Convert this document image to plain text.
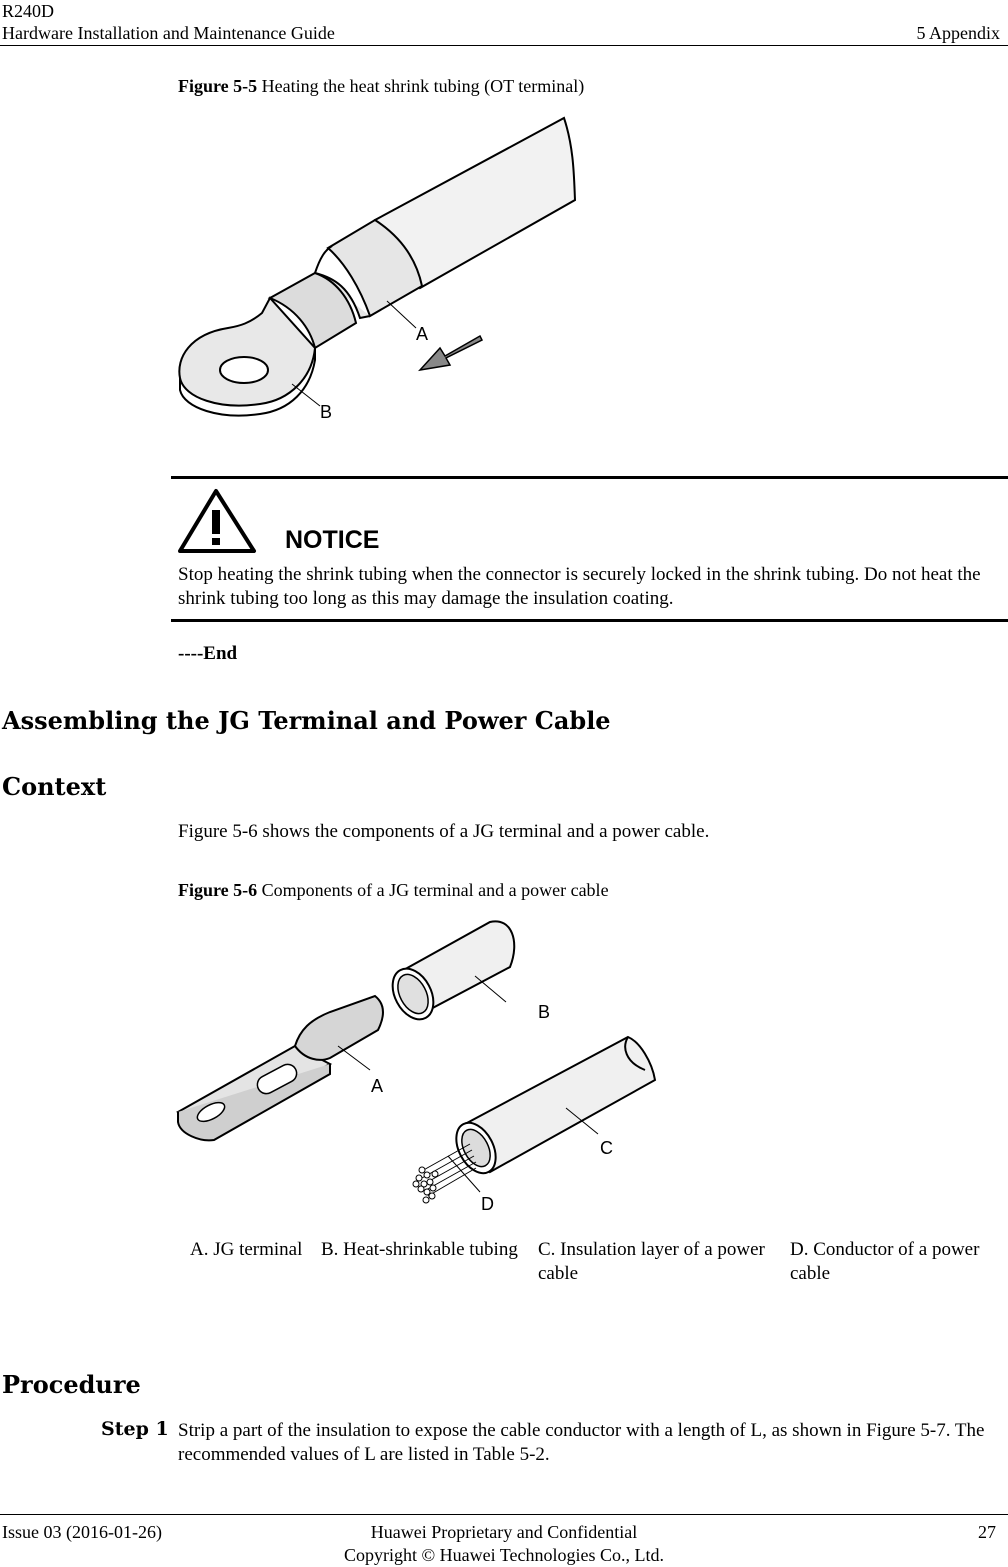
R240D
Hardware Installation and Maintenance Guide	5 Appendix
Figure 5-5 Heating the heat shrink tubing (OT terminal)
A
B
NOTICE
Stop heating the shrink tubing when the connector is securely locked in the shrink tubing. Do not heat the shrink tubing too long as this may damage the insulation coating.
----End
Assembling the JG Terminal and Power Cable
Context
Figure 5-6 shows the components of a JG terminal and a power cable.
Figure 5-6 Components of a JG terminal and a power cable
A
B
C
D
A. JG terminal B. Heat-shrinkable tubing C. Insulation layer of a power cable
D. Conductor of a power cable
Procedure
Step 1 Strip a part of the insulation to expose the cable conductor with a length of L, as shown in Figure 5-7. The recommended values of L are listed in Table 5-2.
Issue 03 (2016-01-26)	Huawei Proprietary and Confidential
Copyright © Huawei Technologies Co., Ltd.
27
